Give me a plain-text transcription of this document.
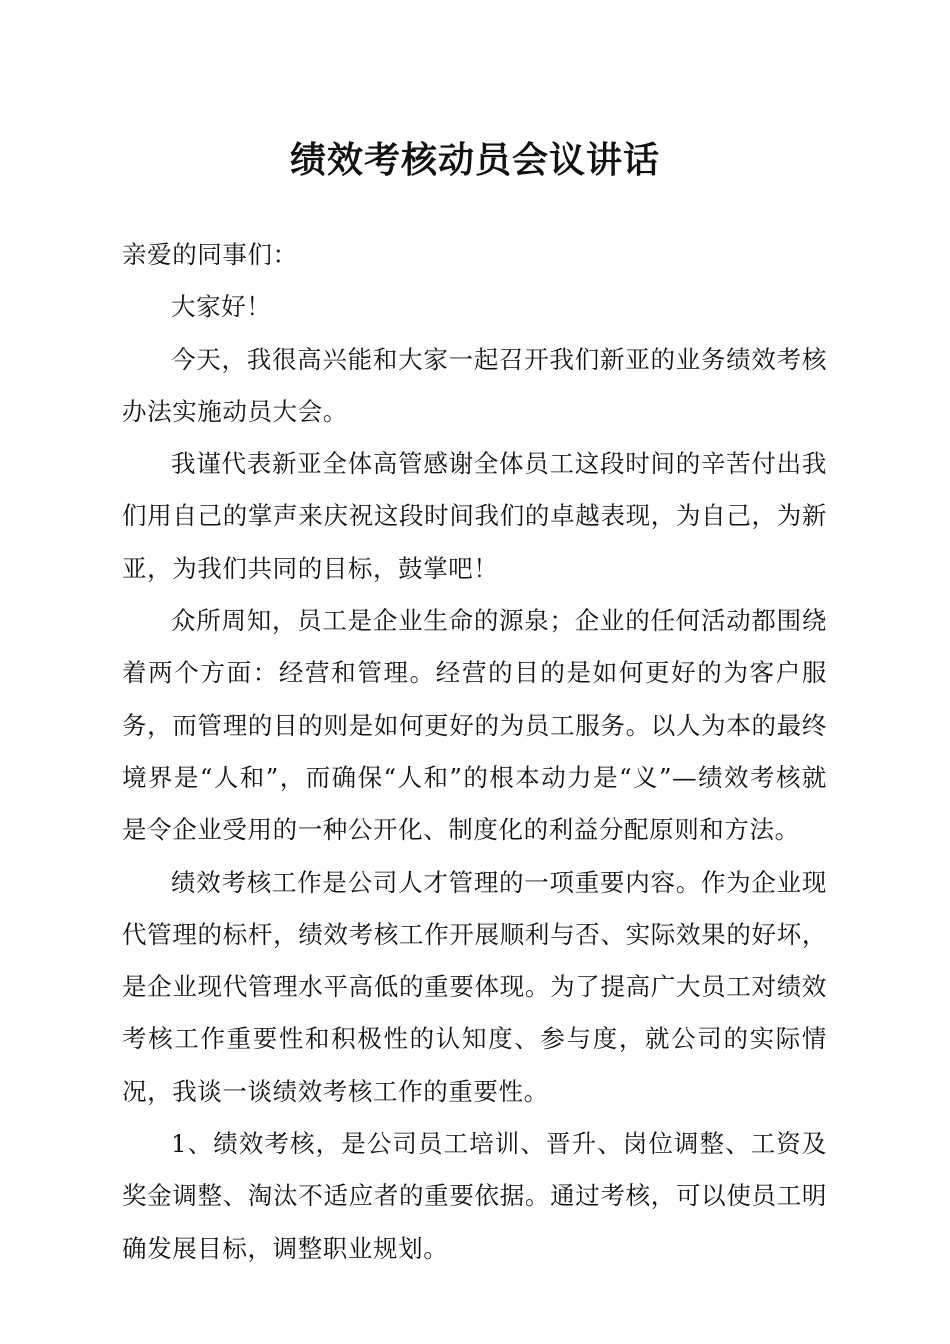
绩效考核动员会议讲话

亲爱的同事们：

大家好！

今天，我很高兴能和大家一起召开我们新亚的业务绩效考核办法实施动员大会。

我谨代表新亚全体高管感谢全体员工这段时间的辛苦付出我们用自己的掌声来庆祝这段时间我们的卓越表现，为自己，为新亚，为我们共同的目标，鼓掌吧！

众所周知，员工是企业生命的源泉；企业的任何活动都围绕着两个方面：经营和管理。经营的目的是如何更好的为客户服务，而管理的目的则是如何更好的为员工服务。以人为本的最终境界是“人和”，而确保“人和”的根本动力是“义”—绩效考核就是令企业受用的一种公开化、制度化的利益分配原则和方法。

绩效考核工作是公司人才管理的一项重要内容。作为企业现代管理的标杆，绩效考核工作开展顺利与否、实际效果的好坏，是企业现代管理水平高低的重要体现。为了提高广大员工对绩效考核工作重要性和积极性的认知度、参与度，就公司的实际情况，我谈一谈绩效考核工作的重要性。

1、绩效考核，是公司员工培训、晋升、岗位调整、工资及奖金调整、淘汰不适应者的重要依据。通过考核，可以使员工明确发展目标，调整职业规划。
